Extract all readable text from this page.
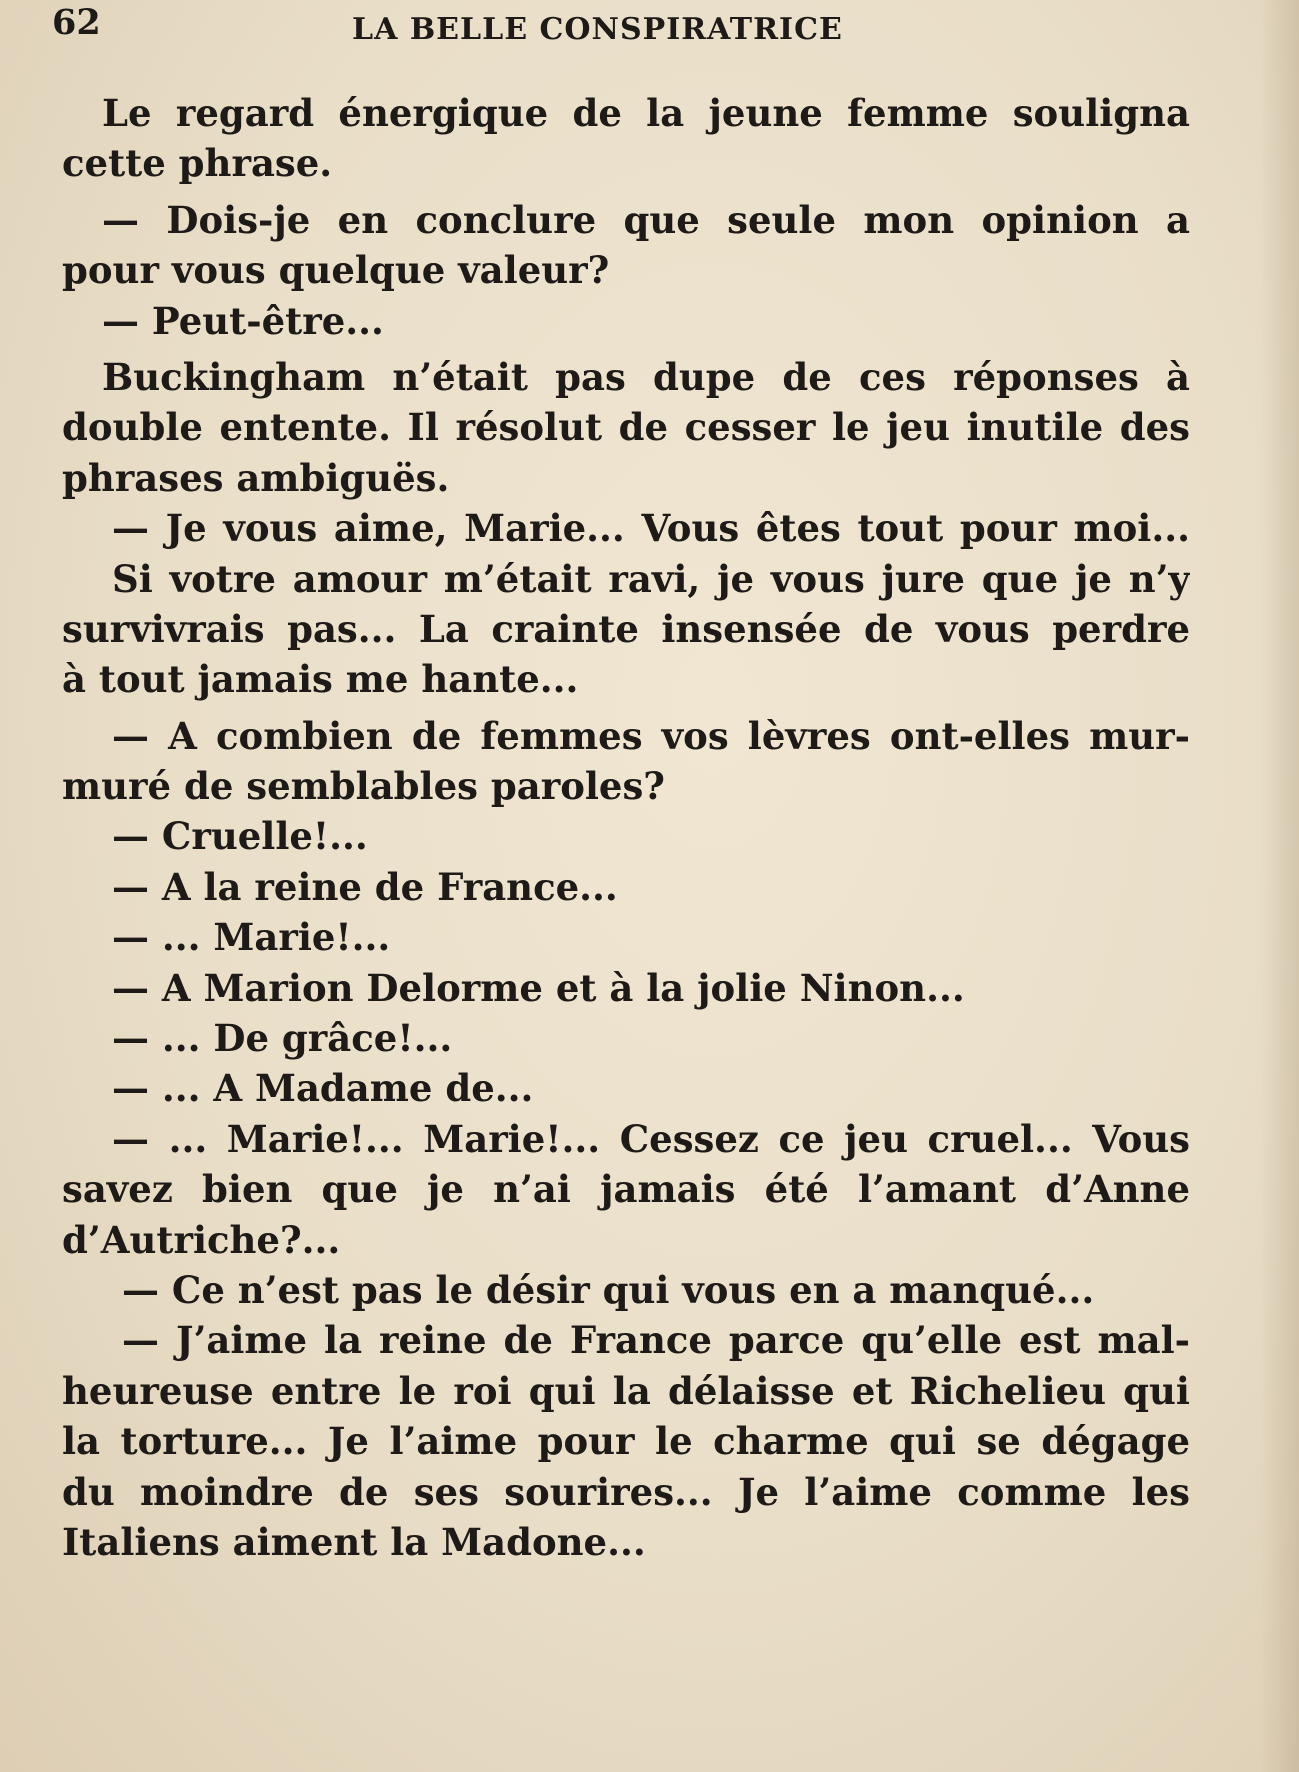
62	LA BELLE CONSPIRATRICE
Le regard énergique de la jeune femme souligna
cette phrase.
— Dois-je en conclure que seule mon opinion a
pour vous quelque valeur?
— Peut-être...
Buckingham n’était pas dupe de ces réponses à
double entente. Il résolut de cesser le jeu inutile des
phrases ambiguës.
— Je vous aime, Marie... Vous êtes tout pour moi...
Si votre amour m’était ravi, je vous jure que je n’y
survivrais pas... La crainte insensée de vous perdre
à tout jamais me hante...
— A combien de femmes vos lèvres ont-elles mur-
muré de semblables paroles?
— Cruelle!...
— A la reine de France...
— ... Marie!...
— A Marion Delorme et à la jolie Ninon...
— ... De grâce!...
— ... A Madame de...
— ... Marie!... Marie!... Cessez ce jeu cruel... Vous
savez bien que je n’ai jamais été l’amant d’Anne
d’Autriche?...
— Ce n’est pas le désir qui vous en a manqué...
— J’aime la reine de France parce qu’elle est mal-
heureuse entre le roi qui la délaisse et Richelieu qui
la torture... Je l’aime pour le charme qui se dégage
du moindre de ses sourires... Je l’aime comme les
Italiens aiment la Madone...
